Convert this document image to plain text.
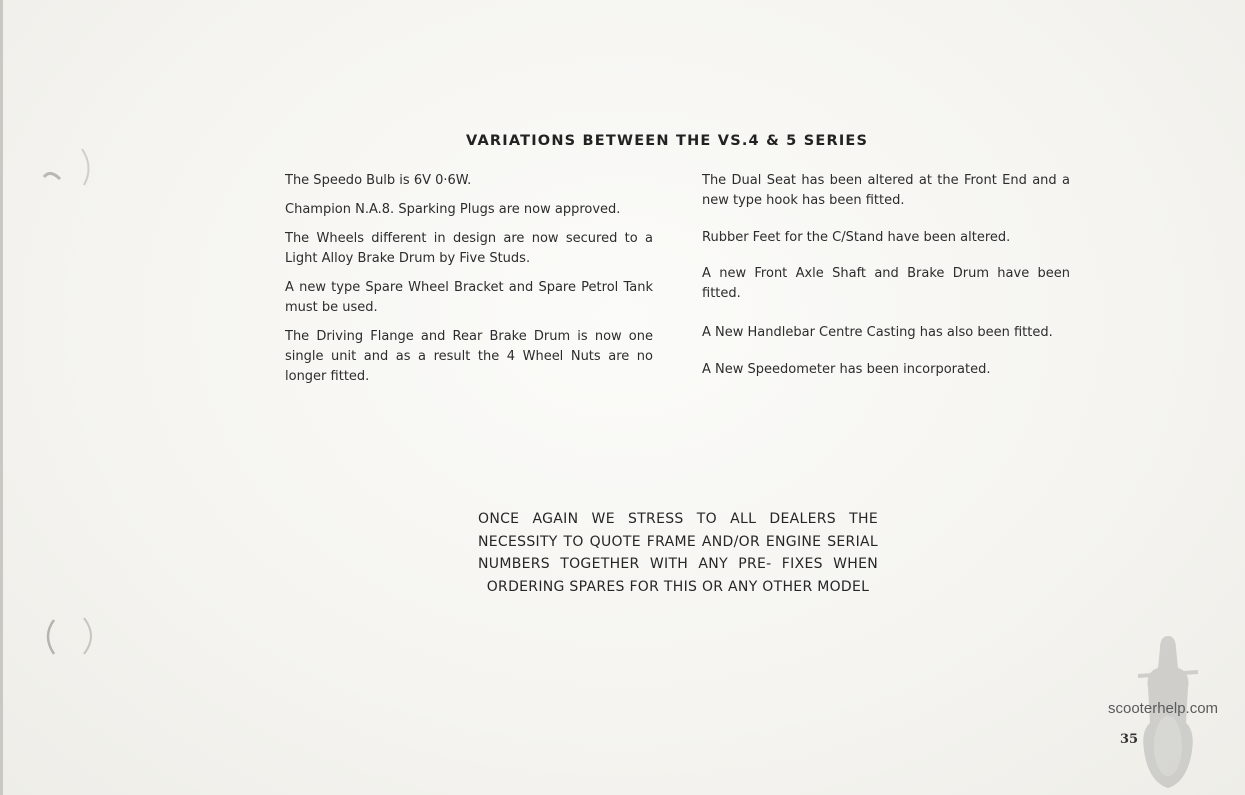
VARIATIONS BETWEEN THE VS.4 & 5 SERIES

The Speedo Bulb is 6V 0·6W.

Champion N.A.8. Sparking Plugs are now approved.

The Wheels different in design are now secured to a Light Alloy Brake Drum by Five Studs.

A new type Spare Wheel Bracket and Spare Petrol Tank must be used.

The Driving Flange and Rear Brake Drum is now one single unit and as a result the 4 Wheel Nuts are no longer fitted.

The Dual Seat has been altered at the Front End and a new type hook has been fitted.

Rubber Feet for the C/Stand have been altered.

A new Front Axle Shaft and Brake Drum have been fitted.

A New Handlebar Centre Casting has also been fitted.

A New Speedometer has been incorporated.

ONCE AGAIN WE STRESS TO ALL DEALERS THE NECESSITY TO QUOTE FRAME AND/OR ENGINE SERIAL NUMBERS TOGETHER WITH ANY PRE- FIXES WHEN ORDERING SPARES FOR THIS OR ANY OTHER MODEL
scooterhelp.com
35
